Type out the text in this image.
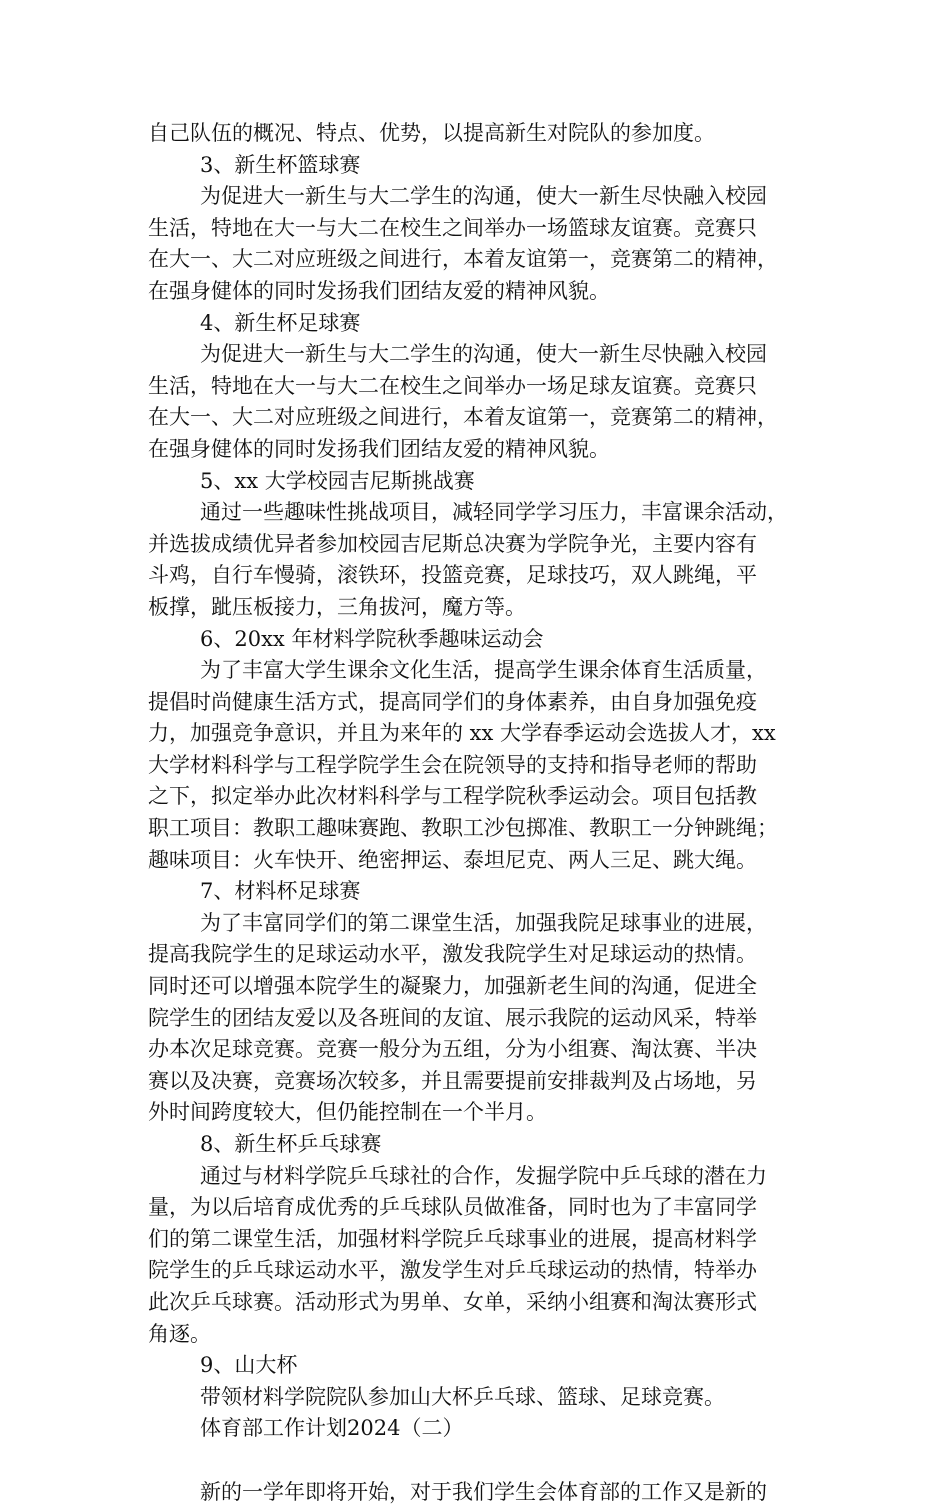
自己队伍的概况、特点、优势，以提高新生对院队的参加度。
3、新生杯篮球赛
为促进大一新生与大二学生的沟通，使大一新生尽快融入校园
生活，特地在大一与大二在校生之间举办一场篮球友谊赛。竞赛只
在大一、大二对应班级之间进行，本着友谊第一，竞赛第二的精神，
在强身健体的同时发扬我们团结友爱的精神风貌。
4、新生杯足球赛
为促进大一新生与大二学生的沟通，使大一新生尽快融入校园
生活，特地在大一与大二在校生之间举办一场足球友谊赛。竞赛只
在大一、大二对应班级之间进行，本着友谊第一，竞赛第二的精神，
在强身健体的同时发扬我们团结友爱的精神风貌。
5、xx 大学校园吉尼斯挑战赛
通过一些趣味性挑战项目，减轻同学学习压力，丰富课余活动，
并选拔成绩优异者参加校园吉尼斯总决赛为学院争光，主要内容有
斗鸡，自行车慢骑，滚铁环，投篮竞赛，足球技巧，双人跳绳，平
板撑，跐压板接力，三角拔河，魔方等。
6、20xx 年材料学院秋季趣味运动会
为了丰富大学生课余文化生活，提高学生课余体育生活质量，
提倡时尚健康生活方式，提高同学们的身体素养，由自身加强免疫
力，加强竞争意识，并且为来年的 xx 大学春季运动会选拔人才，xx
大学材料科学与工程学院学生会在院领导的支持和指导老师的帮助
之下，拟定举办此次材料科学与工程学院秋季运动会。项目包括教
职工项目：教职工趣味赛跑、教职工沙包掷准、教职工一分钟跳绳；
趣味项目：火车快开、绝密押运、泰坦尼克、两人三足、跳大绳。
7、材料杯足球赛
为了丰富同学们的第二课堂生活，加强我院足球事业的进展，
提高我院学生的足球运动水平，激发我院学生对足球运动的热情。
同时还可以增强本院学生的凝聚力，加强新老生间的沟通，促进全
院学生的团结友爱以及各班间的友谊、展示我院的运动风采，特举
办本次足球竞赛。竞赛一般分为五组，分为小组赛、淘汰赛、半决
赛以及决赛，竞赛场次较多，并且需要提前安排裁判及占场地，另
外时间跨度较大，但仍能控制在一个半月。
8、新生杯乒乓球赛
通过与材料学院乒乓球社的合作，发掘学院中乒乓球的潜在力
量，为以后培育成优秀的乒乓球队员做准备，同时也为了丰富同学
们的第二课堂生活，加强材料学院乒乓球事业的进展，提高材料学
院学生的乒乓球运动水平，激发学生对乒乓球运动的热情，特举办
此次乒乓球赛。活动形式为男单、女单，采纳小组赛和淘汰赛形式
角逐。
9、山大杯
带领材料学院院队参加山大杯乒乓球、篮球、足球竞赛。
体育部工作计划2024（二）
新的一学年即将开始，对于我们学生会体育部的工作又是新的
